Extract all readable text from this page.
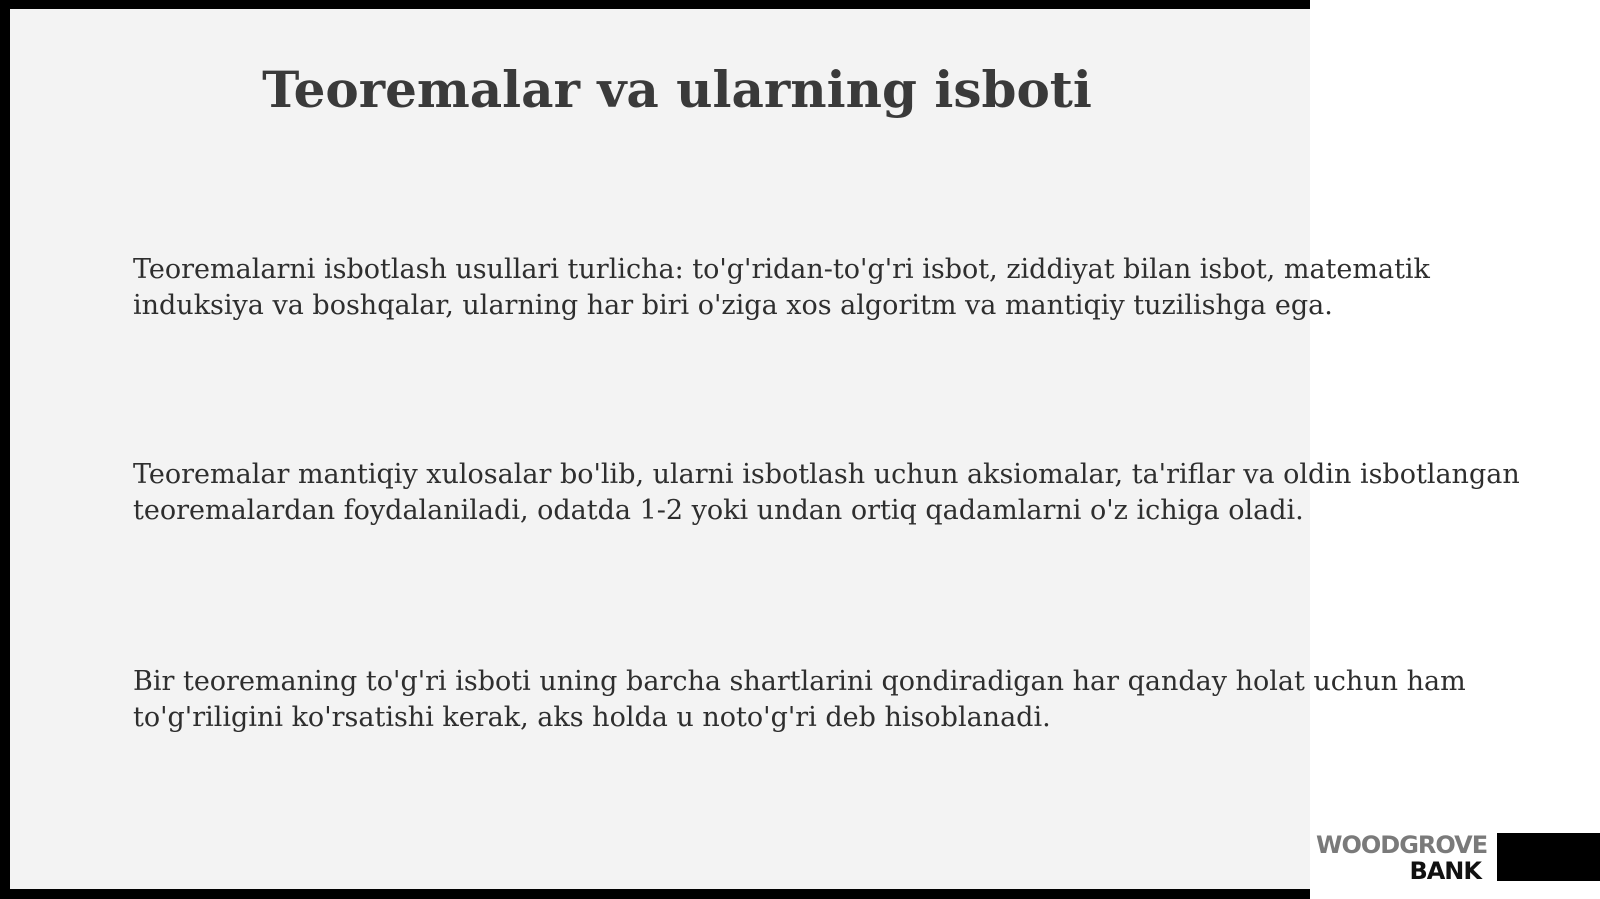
Teoremalar va ularning isboti

Teoremalarni isbotlash usullari turlicha: to'g'ridan-to'g'ri isbot, ziddiyat bilan isbot, matematik induksiya va boshqalar, ularning har biri o'ziga xos algoritm va mantiqiy tuzilishga ega.

Teoremalar mantiqiy xulosalar bo'lib, ularni isbotlash uchun aksiomalar, ta'riflar va oldin isbotlangan teoremalardan foydalaniladi, odatda 1-2 yoki undan ortiq qadamlarni o'z ichiga oladi.

Bir teoremaning to'g'ri isboti uning barcha shartlarini qondiradigan har qanday holat uchun ham to'g'riligini ko'rsatishi kerak, aks holda u noto'g'ri deb hisoblanadi.

WOODGROVE
BANK
